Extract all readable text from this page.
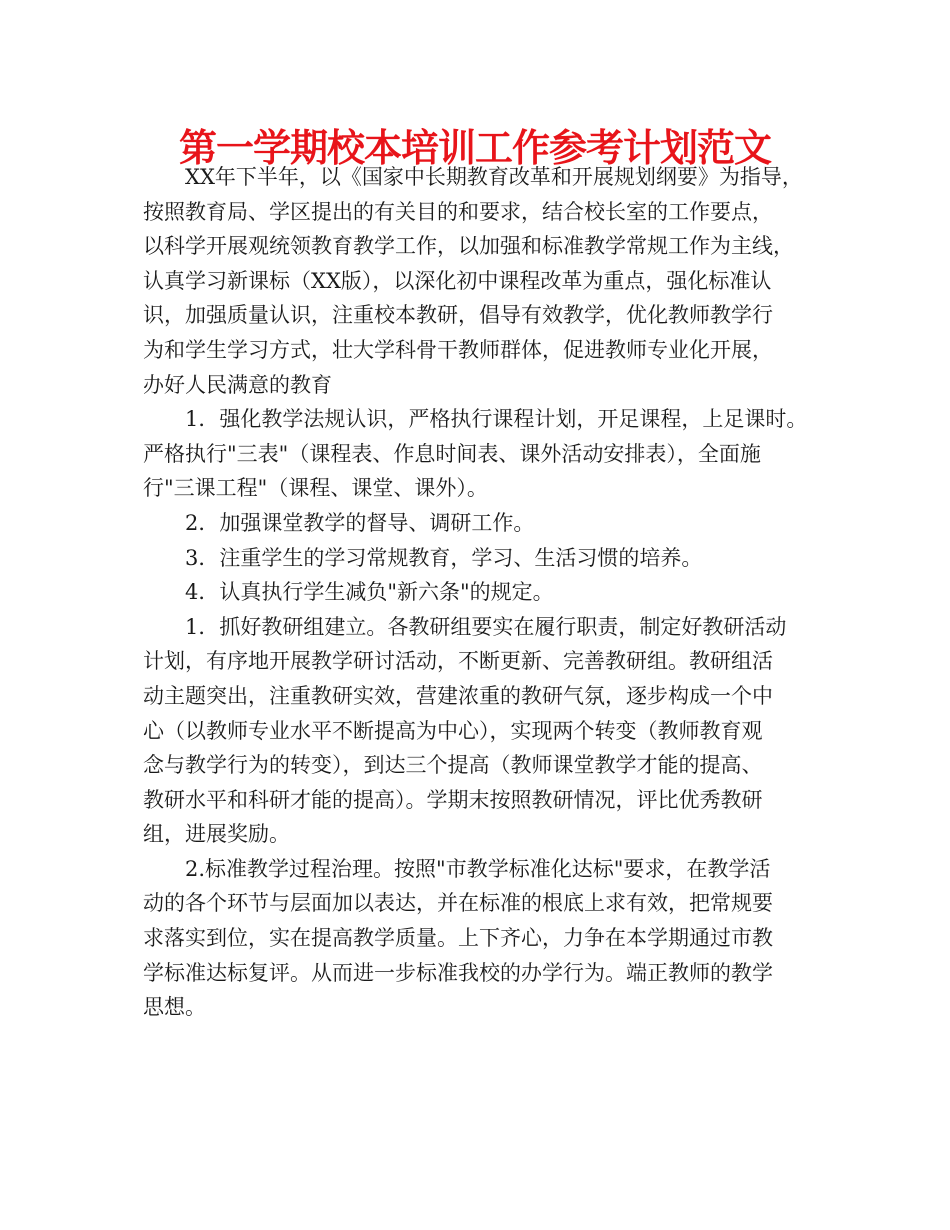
第一学期校本培训工作参考计划范文
XX年下半年，以《国家中长期教育改革和开展规划纲要》为指导，
按照教育局、学区提出的有关目的和要求，结合校长室的工作要点，
以科学开展观统领教育教学工作，以加强和标准教学常规工作为主线，
认真学习新课标（XX版），以深化初中课程改革为重点，强化标准认
识，加强质量认识，注重校本教研，倡导有效教学，优化教师教学行
为和学生学习方式，壮大学科骨干教师群体，促进教师专业化开展，
办好人民满意的教育
1．强化教学法规认识，严格执行课程计划，开足课程，上足课时。
严格执行"三表"（课程表、作息时间表、课外活动安排表），全面施
行"三课工程"（课程、课堂、课外）。
2．加强课堂教学的督导、调研工作。
3．注重学生的学习常规教育，学习、生活习惯的培养。
4．认真执行学生减负"新六条"的规定。
1．抓好教研组建立。各教研组要实在履行职责，制定好教研活动
计划，有序地开展教学研讨活动，不断更新、完善教研组。教研组活
动主题突出，注重教研实效，营建浓重的教研气氛，逐步构成一个中
心（以教师专业水平不断提高为中心），实现两个转变（教师教育观
念与教学行为的转变），到达三个提高（教师课堂教学才能的提高、
教研水平和科研才能的提高）。学期末按照教研情况，评比优秀教研
组，进展奖励。
2.标准教学过程治理。按照"市教学标准化达标"要求，在教学活
动的各个环节与层面加以表达，并在标准的根底上求有效，把常规要
求落实到位，实在提高教学质量。上下齐心，力争在本学期通过市教
学标准达标复评。从而进一步标准我校的办学行为。端正教师的教学
思想。
